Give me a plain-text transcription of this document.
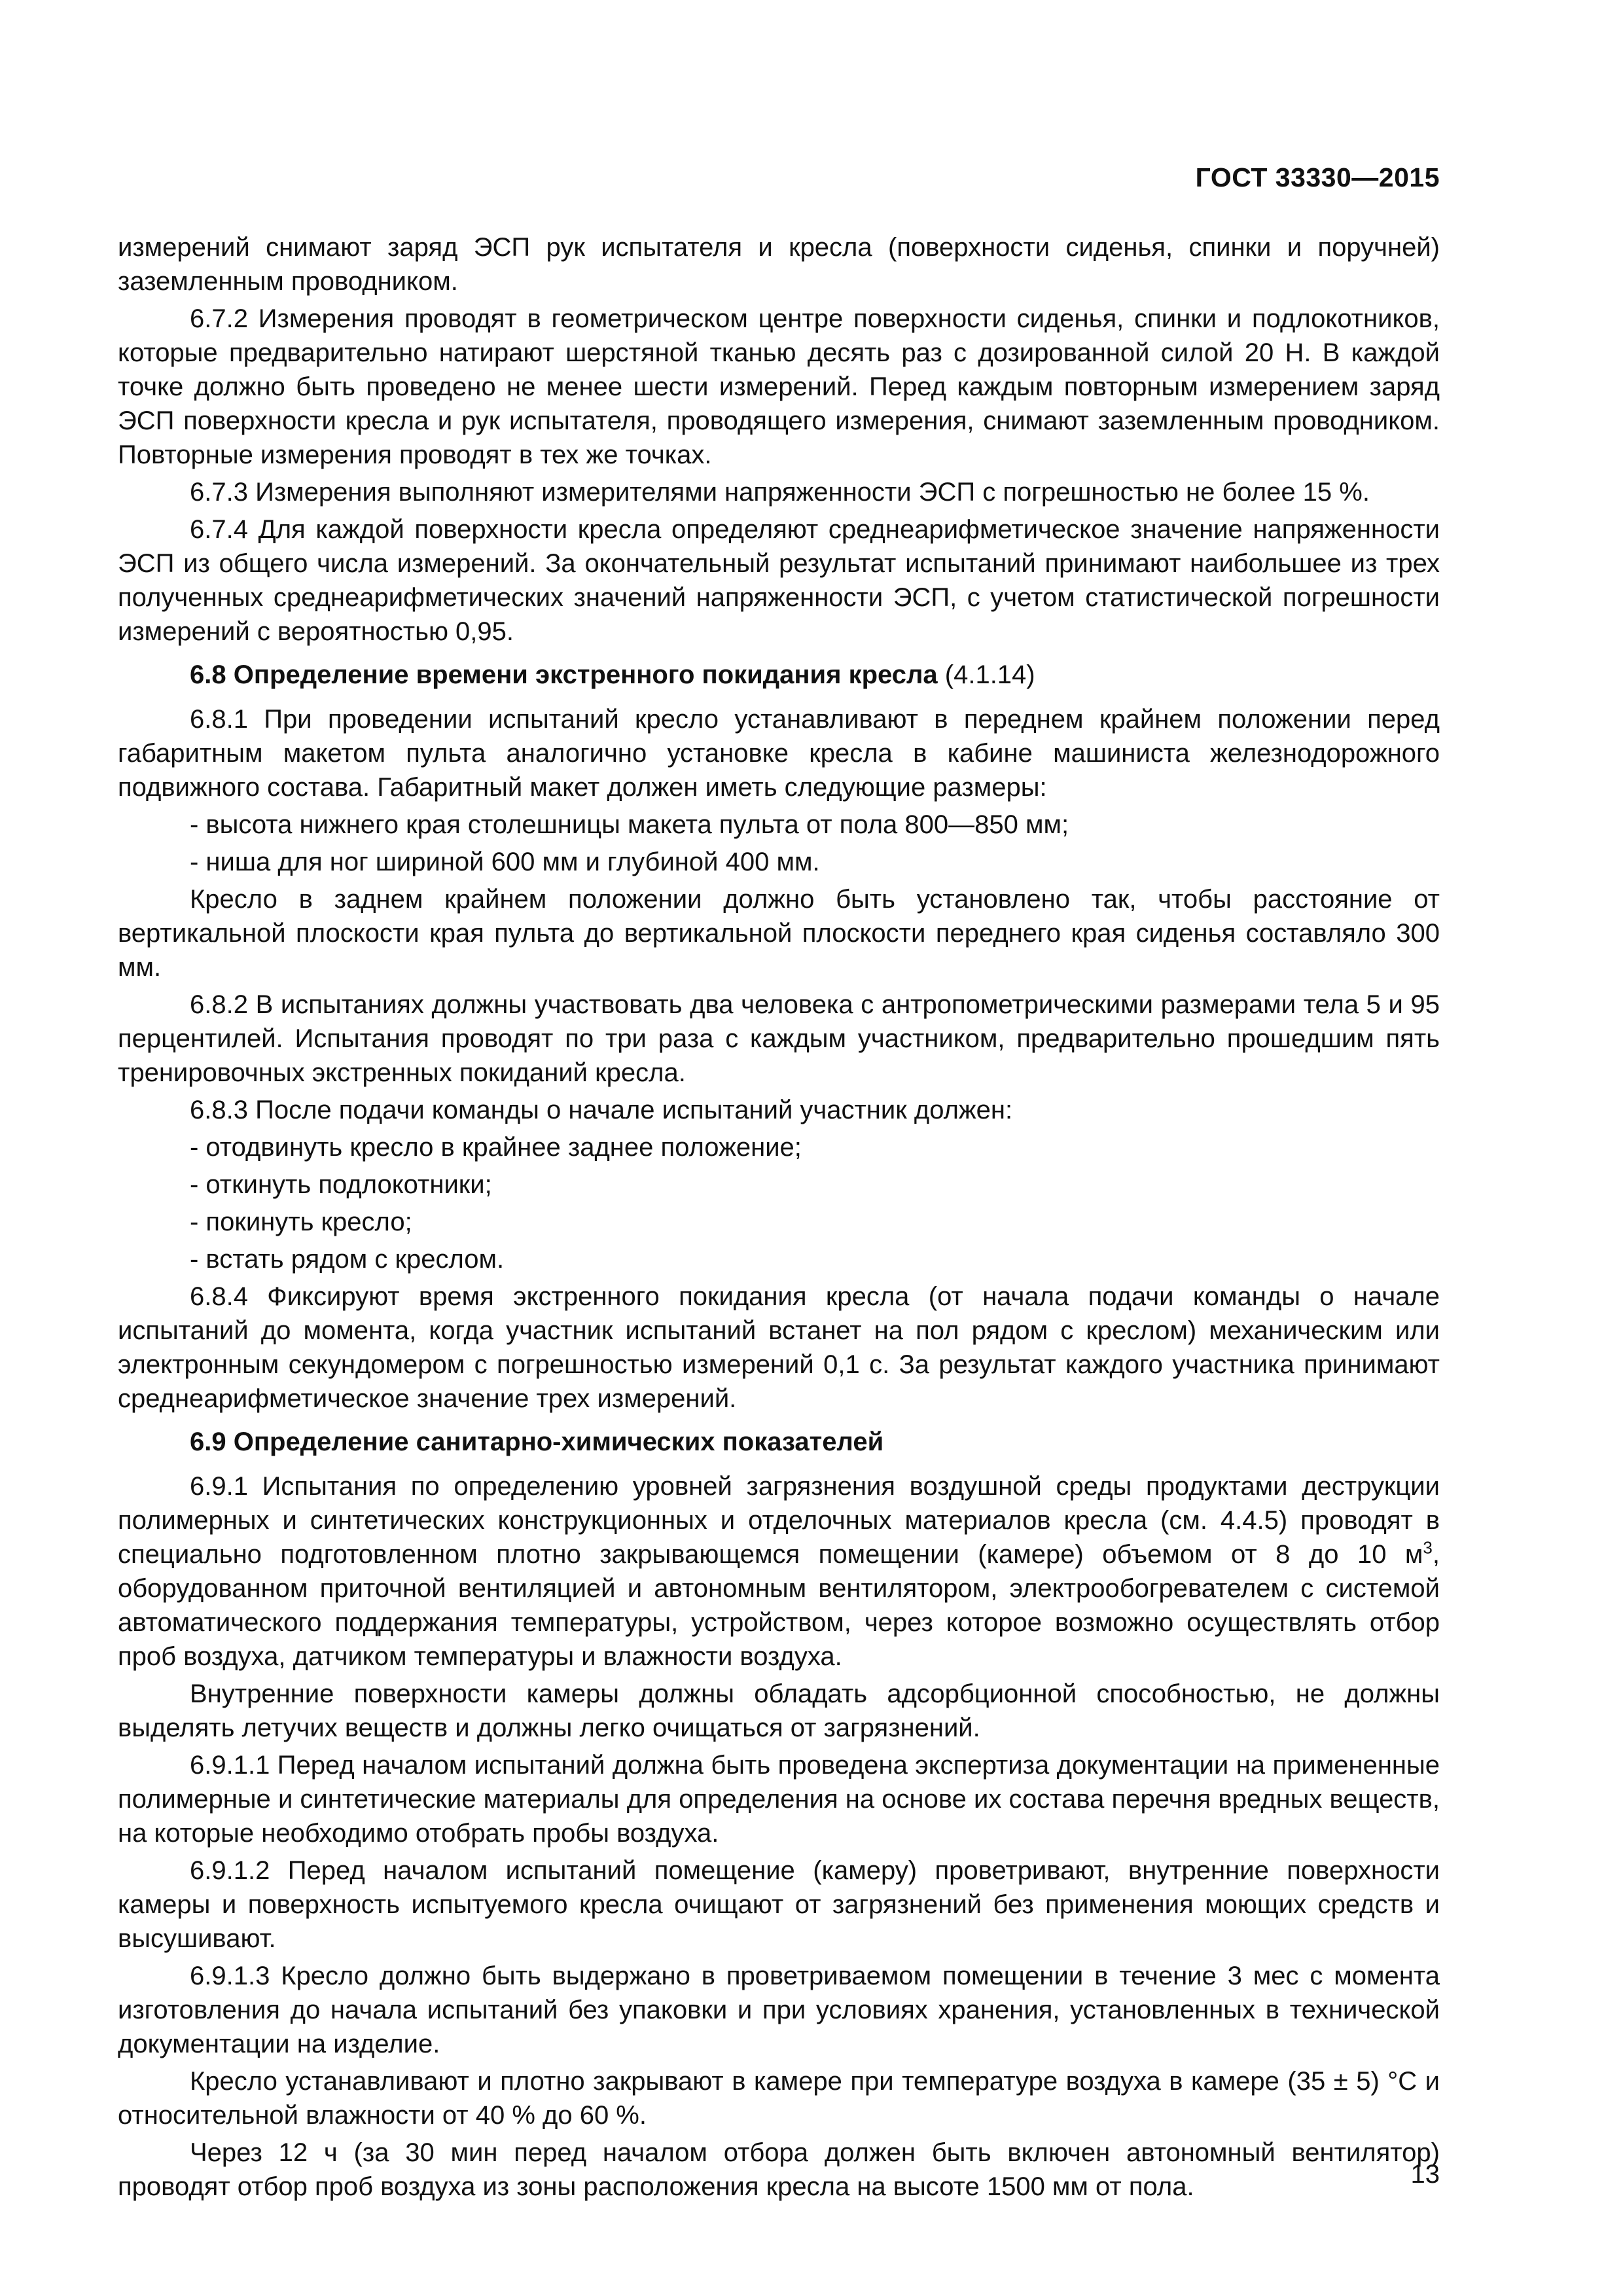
ГОСТ 33330—2015

измерений снимают заряд ЭСП рук испытателя и кресла (поверхности сиденья, спинки и поручней) заземленным проводником.

6.7.2 Измерения проводят в геометрическом центре поверхности сиденья, спинки и подлокотников, которые предварительно натирают шерстяной тканью десять раз с дозированной силой 20 Н. В каждой точке должно быть проведено не менее шести измерений. Перед каждым повторным измерением заряд ЭСП поверхности кресла и рук испытателя, проводящего измерения, снимают заземленным проводником. Повторные измерения проводят в тех же точках.

6.7.3 Измерения выполняют измерителями напряженности ЭСП с погрешностью не более 15 %.

6.7.4 Для каждой поверхности кресла определяют среднеарифметическое значение напряженности ЭСП из общего числа измерений. За окончательный результат испытаний принимают наибольшее из трех полученных среднеарифметических значений напряженности ЭСП, с учетом статистической погрешности измерений с вероятностью 0,95.

6.8 Определение времени экстренного покидания кресла (4.1.14)

6.8.1 При проведении испытаний кресло устанавливают в переднем крайнем положении перед габаритным макетом пульта аналогично установке кресла в кабине машиниста железнодорожного подвижного состава. Габаритный макет должен иметь следующие размеры:

- высота нижнего края столешницы макета пульта от пола 800—850 мм;

- ниша для ног шириной 600 мм и глубиной 400 мм.

Кресло в заднем крайнем положении должно быть установлено так, чтобы расстояние от вертикальной плоскости края пульта до вертикальной плоскости переднего края сиденья составляло 300 мм.

6.8.2 В испытаниях должны участвовать два человека с антропометрическими размерами тела 5 и 95 перцентилей. Испытания проводят по три раза с каждым участником, предварительно прошедшим пять тренировочных экстренных покиданий кресла.

6.8.3 После подачи команды о начале испытаний участник должен:

- отодвинуть кресло в крайнее заднее положение;

- откинуть подлокотники;

- покинуть кресло;

- встать рядом с креслом.

6.8.4 Фиксируют время экстренного покидания кресла (от начала подачи команды о начале испытаний до момента, когда участник испытаний встанет на пол рядом с креслом) механическим или электронным секундомером с погрешностью измерений 0,1 с. За результат каждого участника принимают среднеарифметическое значение трех измерений.

6.9 Определение санитарно-химических показателей

6.9.1 Испытания по определению уровней загрязнения воздушной среды продуктами деструкции полимерных и синтетических конструкционных и отделочных материалов кресла (см. 4.4.5) проводят в специально подготовленном плотно закрывающемся помещении (камере) объемом от 8 до 10 $м^3$, оборудованном приточной вентиляцией и автономным вентилятором, электрообогревателем с системой автоматического поддержания температуры, устройством, через которое возможно осуществлять отбор проб воздуха, датчиком температуры и влажности воздуха.

Внутренние поверхности камеры должны обладать адсорбционной способностью, не должны выделять летучих веществ и должны легко очищаться от загрязнений.

6.9.1.1 Перед началом испытаний должна быть проведена экспертиза документации на примененные полимерные и синтетические материалы для определения на основе их состава перечня вредных веществ, на которые необходимо отобрать пробы воздуха.

6.9.1.2 Перед началом испытаний помещение (камеру) проветривают, внутренние поверхности камеры и поверхность испытуемого кресла очищают от загрязнений без применения моющих средств и высушивают.

6.9.1.3 Кресло должно быть выдержано в проветриваемом помещении в течение 3 мес с момента изготовления до начала испытаний без упаковки и при условиях хранения, установленных в технической документации на изделие.

Кресло устанавливают и плотно закрывают в камере при температуре воздуха в камере (35 ± 5) °С и относительной влажности от 40 % до 60 %.

Через 12 ч (за 30 мин перед началом отбора должен быть включен автономный вентилятор) проводят отбор проб воздуха из зоны расположения кресла на высоте 1500 мм от пола.	13
